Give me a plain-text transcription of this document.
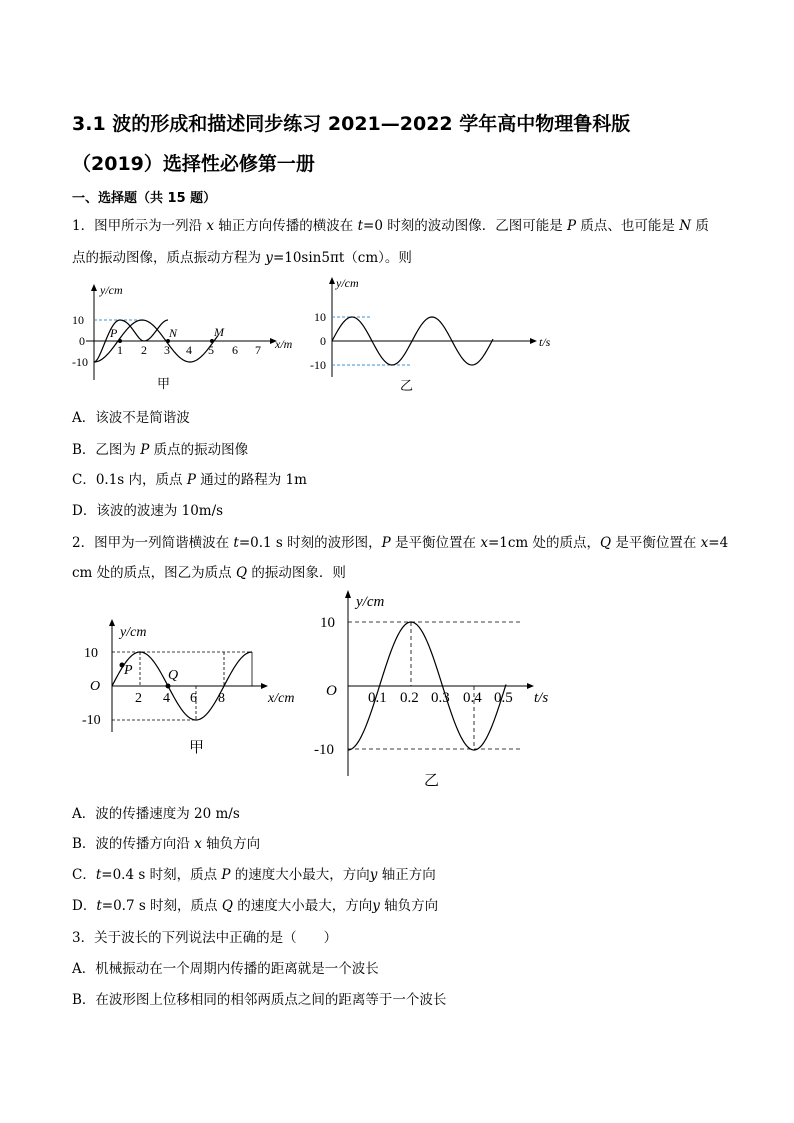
3.1 波的形成和描述同步练习 2021—2022 学年高中物理鲁科版
（2019）选择性必修第一册
一、选择题（共 15 题）
1．图甲所示为一列沿 x 轴正方向传播的横波在 t=0 时刻的波动图像．乙图可能是 P 质点、也可能是 N 质
点的振动图像，质点振动方程为 y=10sin5πt（cm）。则
y/cm
10
0
-10
1 2 3 4 5 6 7 x/m
P	N	M
甲
y/cm
10
0
-10
t/s
乙
A．该波不是简谐波
B．乙图为 P 质点的振动图像
C．0.1s 内，质点 P 通过的路程为 1m
D．该波的波速为 10m/s
2．图甲为一列简谐横波在 t=0.1 s 时刻的波形图，P 是平衡位置在 x=1cm 处的质点，Q 是平衡位置在 x=4
cm 处的质点，图乙为质点 Q 的振动图象．则
y/cm
10
O
-10
2 4 6 8	x/cm
P	Q
甲
y/cm
10
O
-10
0.1 0.2 0.3 0.4 0.5 t/s
乙
A．波的传播速度为 20 m/s
B．波的传播方向沿 x 轴负方向
C．t=0.4 s 时刻，质点 P 的速度大小最大，方向y 轴正方向
D．t=0.7 s 时刻，质点 Q 的速度大小最大，方向y 轴负方向
3．关于波长的下列说法中正确的是（　　）
A．机械振动在一个周期内传播的距离就是一个波长
B．在波形图上位移相同的相邻两质点之间的距离等于一个波长
